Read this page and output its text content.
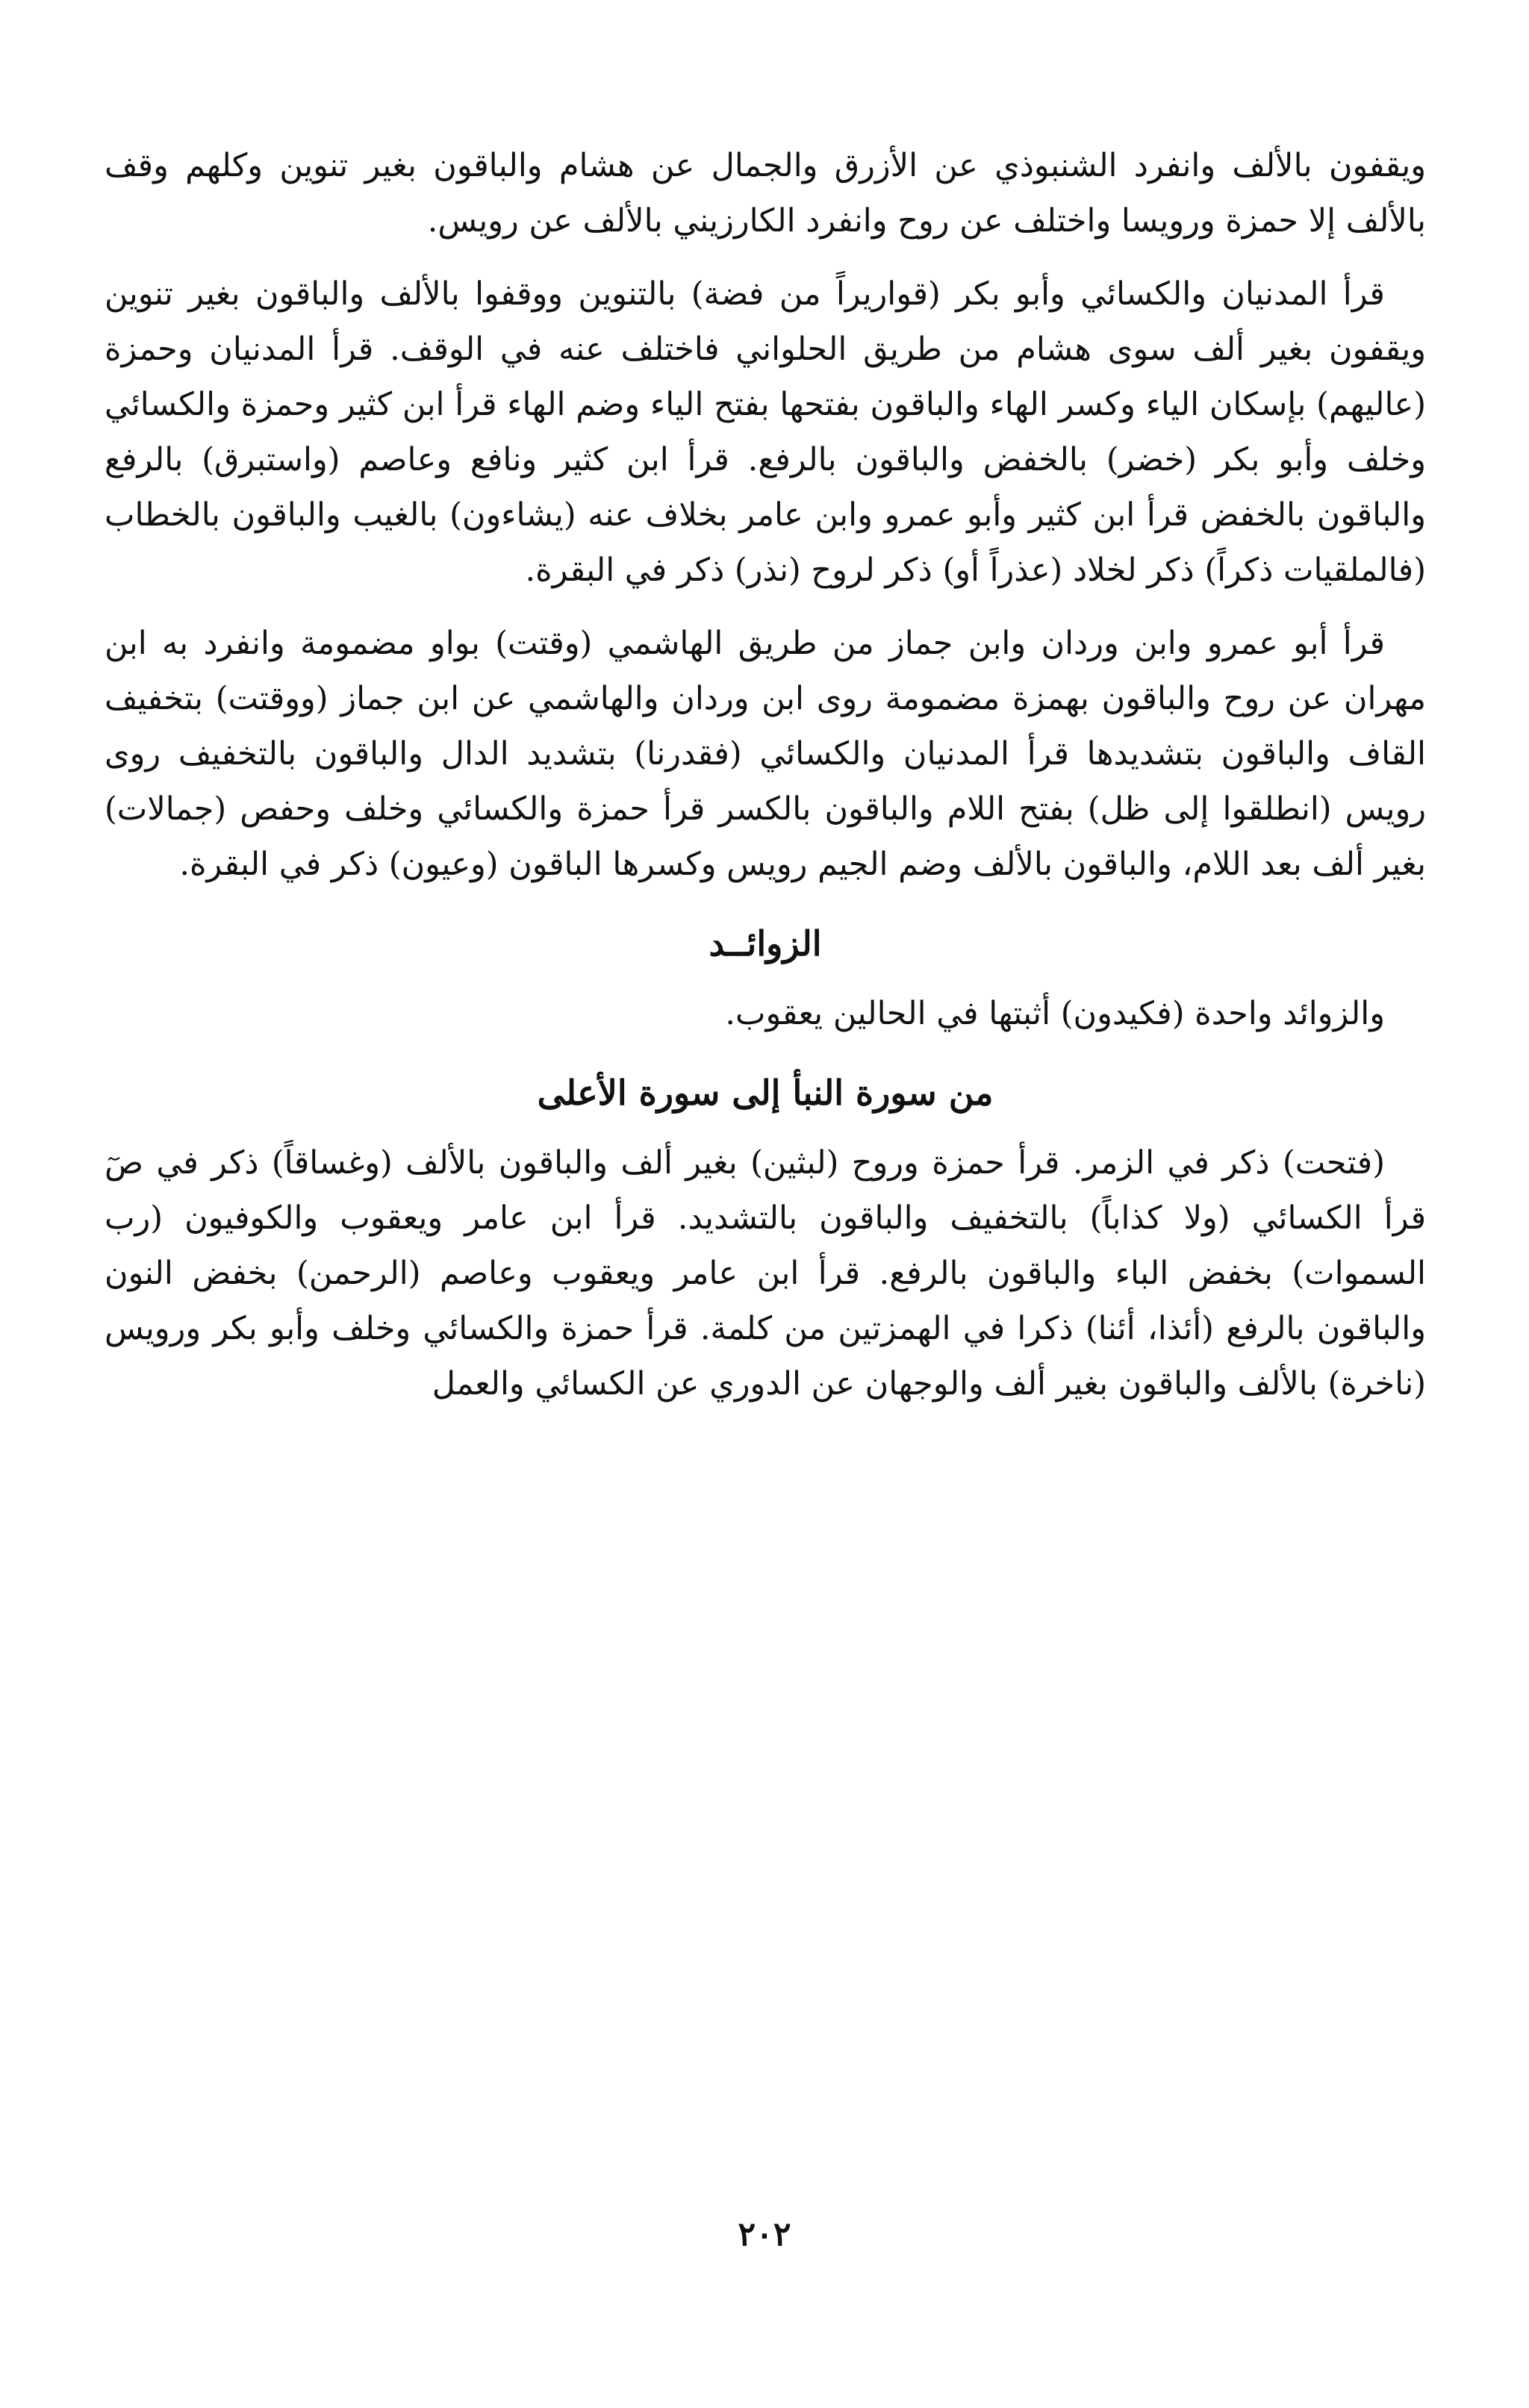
ويقفون بالألف وانفرد الشنبوذي عن الأزرق والجمال عن هشام والباقون بغير تنوين وكلهم وقف بالألف إلا حمزة ورويسا واختلف عن روح وانفرد الكارزيني بالألف عن رويس.

قرأ المدنيان والكسائي وأبو بكر (قواريراً من فضة) بالتنوين ووقفوا بالألف والباقون بغير تنوين ويقفون بغير ألف سوى هشام من طريق الحلواني فاختلف عنه في الوقف. قرأ المدنيان وحمزة (عاليهم) بإسكان الياء وكسر الهاء والباقون بفتحها بفتح الياء وضم الهاء قرأ ابن كثير وحمزة والكسائي وخلف وأبو بكر (خضر) بالخفض والباقون بالرفع. قرأ ابن كثير ونافع وعاصم (واستبرق) بالرفع والباقون بالخفض قرأ ابن كثير وأبو عمرو وابن عامر بخلاف عنه (يشاءون) بالغيب والباقون بالخطاب (فالملقيات ذكراً) ذكر لخلاد (عذراً أو) ذكر لروح (نذر) ذكر في البقرة.

قرأ أبو عمرو وابن وردان وابن جماز من طريق الهاشمي (وقتت) بواو مضمومة وانفرد به ابن مهران عن روح والباقون بهمزة مضمومة روى ابن وردان والهاشمي عن ابن جماز (ووقتت) بتخفيف القاف والباقون بتشديدها قرأ المدنيان والكسائي (فقدرنا) بتشديد الدال والباقون بالتخفيف روى رويس (انطلقوا إلى ظل) بفتح اللام والباقون بالكسر قرأ حمزة والكسائي وخلف وحفص (جمالات) بغير ألف بعد اللام، والباقون بالألف وضم الجيم رويس وكسرها الباقون (وعيون) ذكر في البقرة.

الزوائــد

والزوائد واحدة (فكيدون) أثبتها في الحالين يعقوب.

من سورة النبأ إلى سورة الأعلى

(فتحت) ذكر في الزمر. قرأ حمزة وروح (لبثين) بغير ألف والباقون بالألف (وغساقاً) ذكر في صٓ قرأ الكسائي (ولا كذاباً) بالتخفيف والباقون بالتشديد. قرأ ابن عامر ويعقوب والكوفيون (رب السموات) بخفض الباء والباقون بالرفع. قرأ ابن عامر ويعقوب وعاصم (الرحمن) بخفض النون والباقون بالرفع (أئذا، أئنا) ذكرا في الهمزتين من كلمة. قرأ حمزة والكسائي وخلف وأبو بكر ورويس (ناخرة) بالألف والباقون بغير ألف والوجهان عن الدوري عن الكسائي والعمل

٢٠٢
